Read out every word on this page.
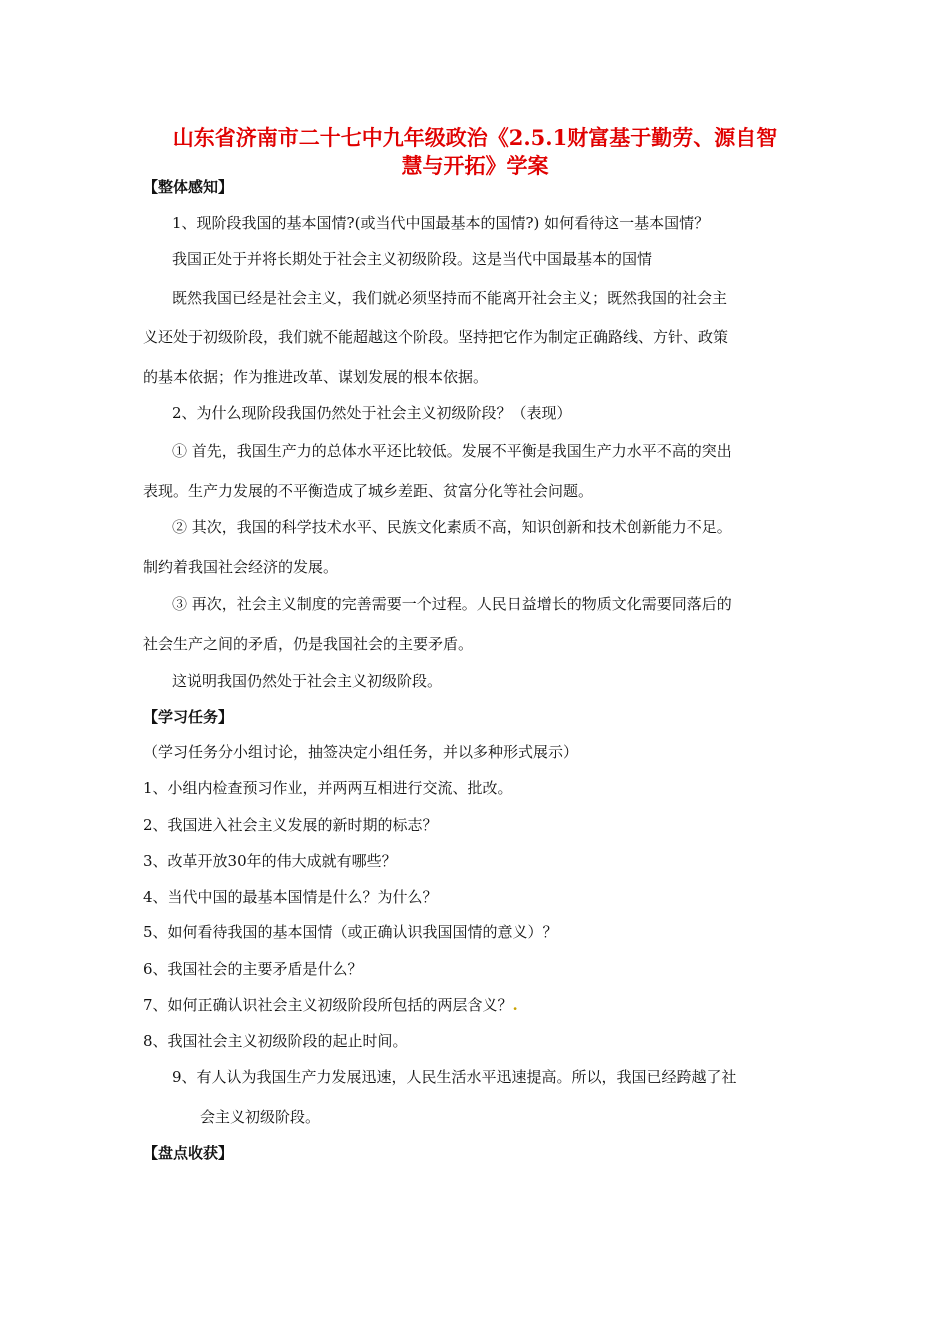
山东省济南市二十七中九年级政治《2.5.1财富基于勤劳、源自智
慧与开拓》学案
【整体感知】
1、现阶段我国的基本国情?(或当代中国最基本的国情?) 如何看待这一基本国情？
我国正处于并将长期处于社会主义初级阶段。这是当代中国最基本的国情
既然我国已经是社会主义，我们就必须坚持而不能离开社会主义；既然我国的社会主
义还处于初级阶段，我们就不能超越这个阶段。坚持把它作为制定正确路线、方针、政策
的基本依据；作为推进改革、谋划发展的根本依据。
2、为什么现阶段我国仍然处于社会主义初级阶段？（表现）
① 首先，我国生产力的总体水平还比较低。发展不平衡是我国生产力水平不高的突出
表现。生产力发展的不平衡造成了城乡差距、贫富分化等社会问题。
② 其次，我国的科学技术水平、民族文化素质不高，知识创新和技术创新能力不足。
制约着我国社会经济的发展。
③ 再次，社会主义制度的完善需要一个过程。人民日益增长的物质文化需要同落后的
社会生产之间的矛盾，仍是我国社会的主要矛盾。
这说明我国仍然处于社会主义初级阶段。
【学习任务】
（学习任务分小组讨论，抽签决定小组任务，并以多种形式展示）
1、小组内检查预习作业，并两两互相进行交流、批改。
2、我国进入社会主义发展的新时期的标志？
3、改革开放30年的伟大成就有哪些？
4、当代中国的最基本国情是什么？为什么？
5、如何看待我国的基本国情（或正确认识我国国情的意义）？
6、我国社会的主要矛盾是什么？
7、如何正确认识社会主义初级阶段所包括的两层含义？.
8、我国社会主义初级阶段的起止时间。
9、有人认为我国生产力发展迅速，人民生活水平迅速提高。所以，我国已经跨越了社
会主义初级阶段。
【盘点收获】
